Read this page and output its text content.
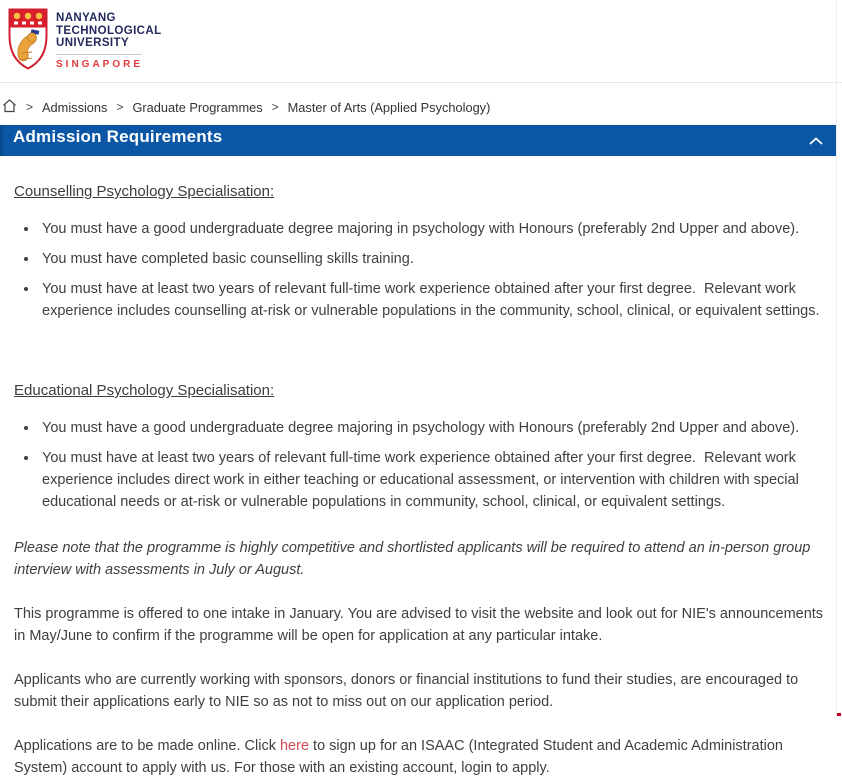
NANYANG
TECHNOLOGICAL
UNIVERSITY
SINGAPORE
> Admissions > Graduate Programmes > Master of Arts (Applied Psychology)
Admission Requirements
Counselling Psychology Specialisation:
• You must have a good undergraduate degree majoring in psychology with Honours (preferably 2nd Upper and above).
• You must have completed basic counselling skills training.
• You must have at least two years of relevant full-time work experience obtained after your first degree.  Relevant work experience includes counselling at-risk or vulnerable populations in the community, school, clinical, or equivalent settings.
Educational Psychology Specialisation:
• You must have a good undergraduate degree majoring in psychology with Honours (preferably 2nd Upper and above).
• You must have at least two years of relevant full-time work experience obtained after your first degree.  Relevant work experience includes direct work in either teaching or educational assessment, or intervention with children with special educational needs or at-risk or vulnerable populations in community, school, clinical, or equivalent settings.

Please note that the programme is highly competitive and shortlisted applicants will be required to attend an in-person group interview with assessments in July or August.

This programme is offered to one intake in January. You are advised to visit the website and look out for NIE's announcements in May/June to confirm if the programme will be open for application at any particular intake.

Applicants who are currently working with sponsors, donors or financial institutions to fund their studies, are encouraged to submit their applications early to NIE so as not to miss out on our application period.

Applications are to be made online. Click here to sign up for an ISAAC (Integrated Student and Academic Administration System) account to apply with us. For those with an existing account, login to apply.
